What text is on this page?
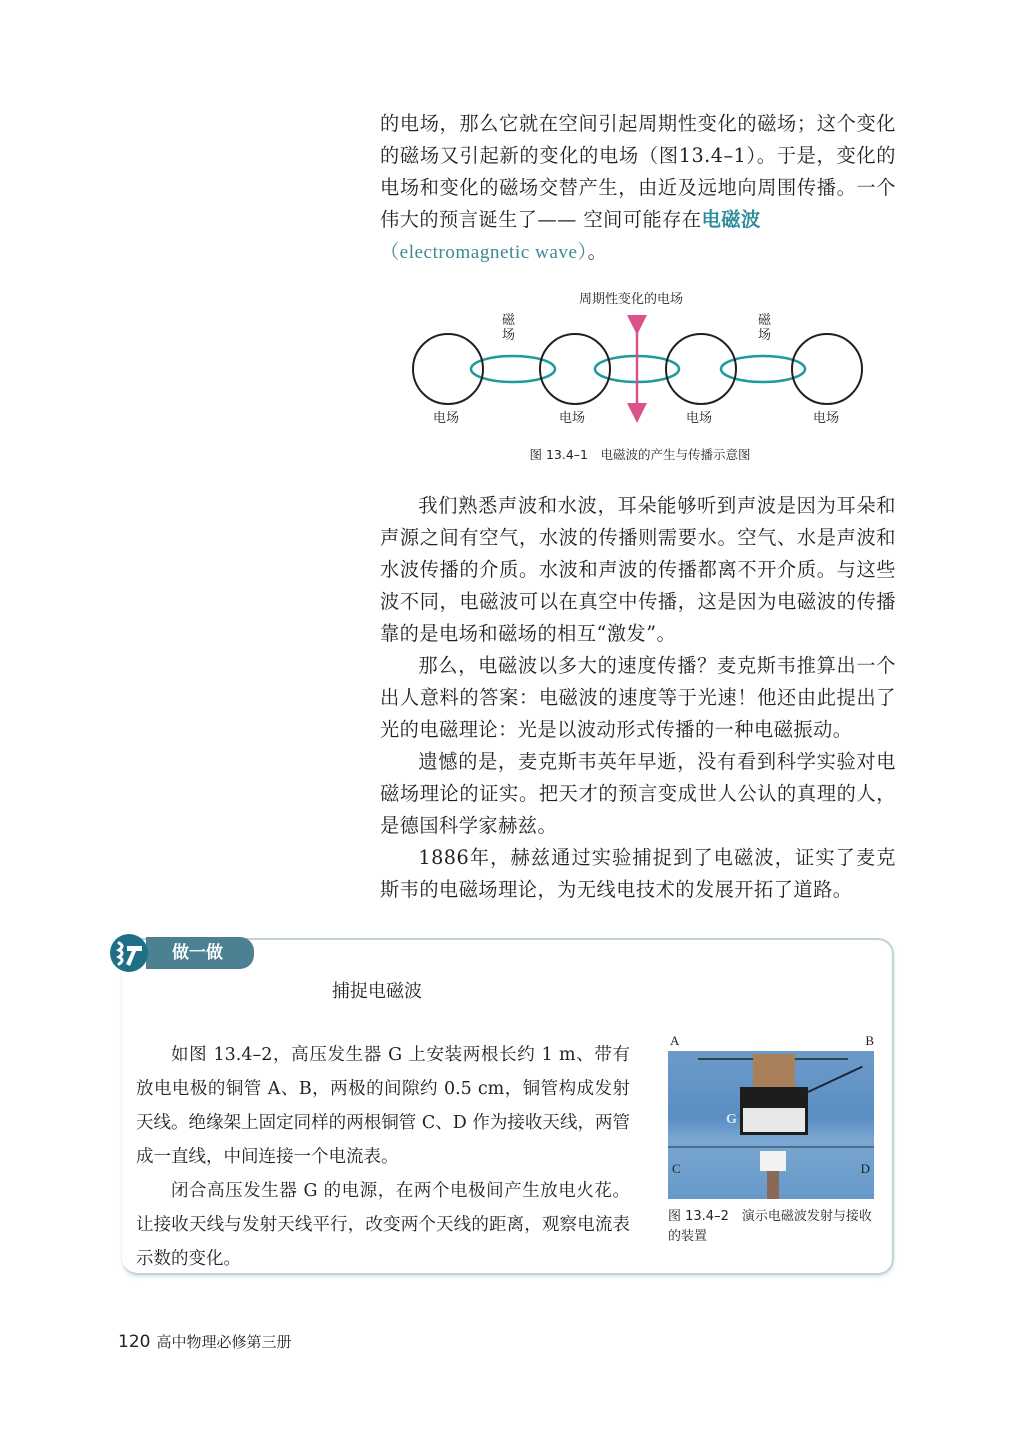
的电场，那么它就在空间引起周期性变化的磁场；这个变化的磁场又引起新的变化的电场（图13.4–1）。于是，变化的电场和变化的磁场交替产生，由近及远地向周围传播。一个伟大的预言诞生了—— 空间可能存在电磁波
（electromagnetic wave）。

周期性变化的电场
磁场
磁场
电场	电场	电场	电场
图 13.4–1　电磁波的产生与传播示意图

我们熟悉声波和水波，耳朵能够听到声波是因为耳朵和声源之间有空气，水波的传播则需要水。空气、水是声波和水波传播的介质。水波和声波的传播都离不开介质。与这些波不同，电磁波可以在真空中传播，这是因为电磁波的传播靠的是电场和磁场的相互“激发”。

那么，电磁波以多大的速度传播？麦克斯韦推算出一个出人意料的答案：电磁波的速度等于光速！他还由此提出了光的电磁理论：光是以波动形式传播的一种电磁振动。

遗憾的是，麦克斯韦英年早逝，没有看到科学实验对电磁场理论的证实。把天才的预言变成世人公认的真理的人，是德国科学家赫兹。

1886年，赫兹通过实验捕捉到了电磁波，证实了麦克斯韦的电磁场理论，为无线电技术的发展开拓了道路。

做一做
捕捉电磁波

如图 13.4–2，高压发生器 G 上安装两根长约 1 m、带有放电电极的铜管 A、B，两极的间隙约 0.5 cm，铜管构成发射天线。绝缘架上固定同样的两根铜管 C、D 作为接收天线，两管成一直线，中间连接一个电流表。

闭合高压发生器 G 的电源，在两个电极间产生放电火花。让接收天线与发射天线平行，改变两个天线的距离，观察电流表示数的变化。

A	B
G
C	D
图 13.4–2　演示电磁波发射与接收的装置
120 高中物理必修第三册
